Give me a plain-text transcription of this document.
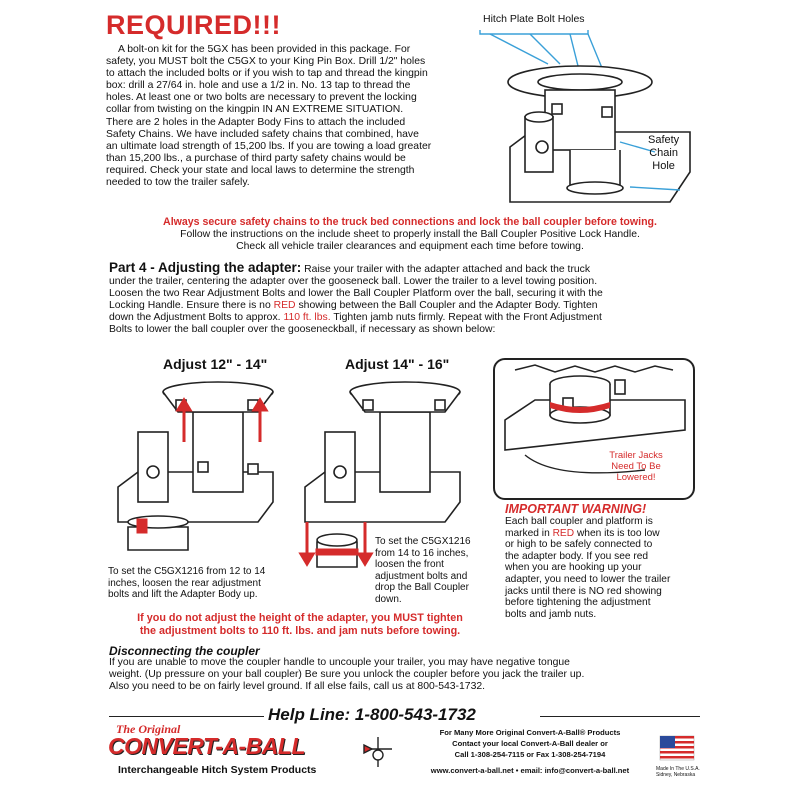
REQUIRED!!!
A bolt-on kit for the 5GX has been provided in this package. For
safety, you MUST bolt the C5GX to your King Pin Box. Drill 1/2" holes
to attach the included bolts or if you wish to tap and thread the kingpin
box: drill a 27/64 in. hole and use a 1/2 in. No. 13 tap to thread the
holes. At least one or two bolts are necessary to prevent the locking
collar from twisting on the kingpin IN AN EXTREME SITUATION.
There are 2 holes in the Adapter Body Fins to attach the included
Safety Chains. We have included safety chains that combined, have
an ultimate load strength of 15,200 lbs. If you are towing a load greater
than 15,200 lbs., a purchase of third party safety chains would be
required. Check your state and local laws to determine the strength
needed to tow the trailer safely.
Hitch Plate Bolt Holes
Safety
Chain
Hole
Always secure safety chains to the truck bed connections and lock the ball coupler before towing.
Follow the instructions on the include sheet to properly install the Ball Coupler Positive Lock Handle.
Check all vehicle trailer clearances and equipment each time before towing.
Part 4 - Adjusting the adapter: Raise your trailer with the adapter attached and back the truck
under the trailer, centering the adapter over the gooseneck ball. Lower the trailer to a level towing position.
Loosen the two Rear Adjustment Bolts and lower the Ball Coupler Platform over the ball, securing it with the
Locking Handle. Ensure there is no RED showing between the Ball Coupler and the Adapter Body. Tighten
down the Adjustment Bolts to approx. 110 ft. lbs. Tighten jamb nuts firmly. Repeat with the Front Adjustment
Bolts to lower the ball coupler over the gooseneckball, if necessary as shown below:
Adjust 12" - 14"
To set the C5GX1216 from 12 to 14
inches, loosen the rear adjustment
bolts and lift the Adapter Body up.
Adjust 14" - 16"
To set the C5GX1216
from 14 to 16 inches,
loosen the front
adjustment bolts and
drop the Ball Coupler
down.
Trailer Jacks
Need To Be
Lowered!
IMPORTANT WARNING!
Each ball coupler and platform is
marked in RED when its is too low
or high to be safely connected to
the adapter body. If you see red
when you are hooking up your
adapter, you need to lower the trailer
jacks until there is NO red showing
before tightening the adjustment
bolts and jamb nuts.
If you do not adjust the height of the adapter, you MUST tighten
the adjustment bolts to 110 ft. lbs. and jam nuts before towing.
Disconnecting the coupler
If you are unable to move the coupler handle to uncouple your trailer, you may have negative tongue
weight. (Up pressure on your ball coupler) Be sure you unlock the coupler before you jack the trailer up.
Also you need to be on fairly level ground. If all else fails, call us at 800-543-1732.
Help Line: 1-800-543-1732
The Original
CONVERT-A-BALL
Interchangeable Hitch System Products
For Many More Original Convert-A-Ball® Products
Contact your local Convert-A-Ball dealer or
Call 1-308-254-7115 or Fax 1-308-254-7194
www.convert-a-ball.net • email: info@convert-a-ball.net	Made In The U.S.A.
Sidney, Nebraska
